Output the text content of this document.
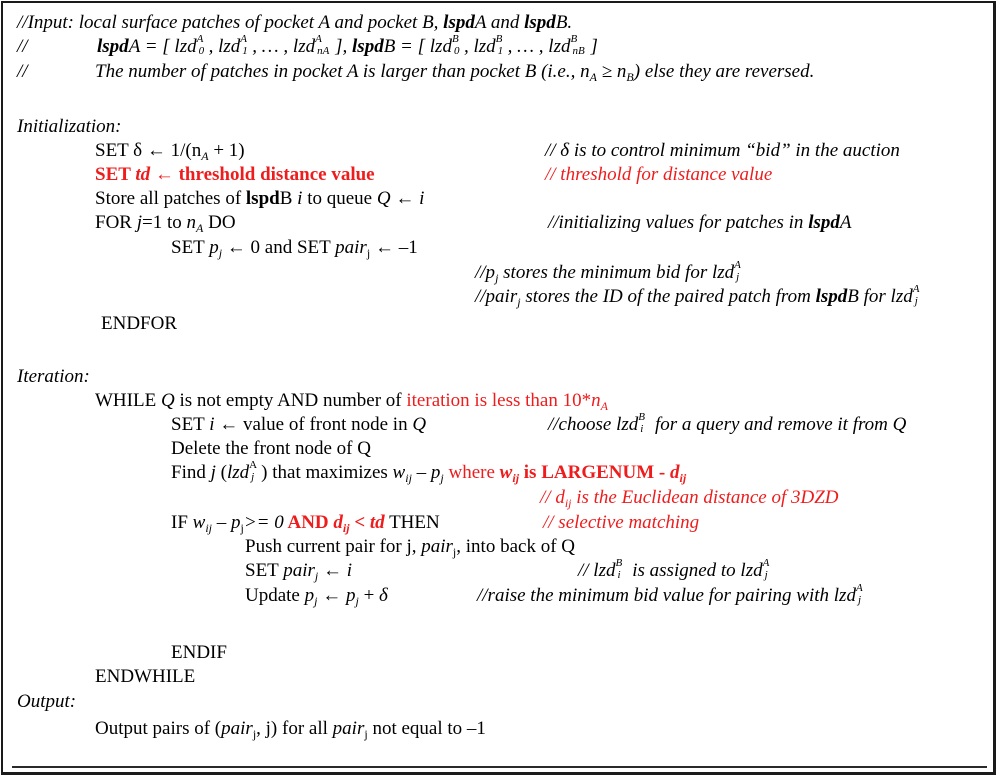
//Input: local surface patches of pocket A and pocket B, lspdA and lspdB.
//	lspdA = [ lzd A
0 , lzd A
1 , … , lzd A
nA ], lspdB = [ lzd B
0 , lzd B
1 , … , lzd B
nB ]
//	The number of patches in pocket A is larger than pocket B (i.e., $n_A \ge n_B$) else they are reversed.
Initialization:
SET δ ← $1/(n_A + 1)$	// δ is to control minimum “bid” in the auction
SET td ← threshold distance value	// threshold for distance value
Store all patches of lspdB i to queue Q ← i
FOR j=1 to $n_A$ DO	//initializing values for patches in lspdA
SET $p_j$ ← 0 and SET pair$_j$ ← –1
$//p_j$ stores the minimum bid for lzd A
j
//pair$_j$ stores the ID of the paired patch from lspdB for lzd A
j
ENDFOR
Iteration:
WHILE Q is not empty AND number of iteration is less than $10*n_A$
SET i ← value of front node in Q	//choose lzd B
i for a query and remove it from Q
Delete the front node of Q
Find j (lzd A
j ) that maximizes $w_{ij} - p_j$ where $w_{ij}$ is LARGENUM - $d_{ij}$
// $d_{ij}$ is the Euclidean distance of 3DZD
IF $w_{ij} - p_j>= 0$ AND $d_{ij}$ < td THEN	// selective matching
Push current pair for j, pair$_j$, into back of Q
SET pair$_j$ ← i	// lzd B
i is assigned to lzd A
j
Update $p_j$ ← $p_j + \delta$	//raise the minimum bid value for pairing with lzd A
j
ENDIF
ENDWHILE
Output:
Output pairs of (pair$_j$, j) for all pair$_j$ not equal to –1
